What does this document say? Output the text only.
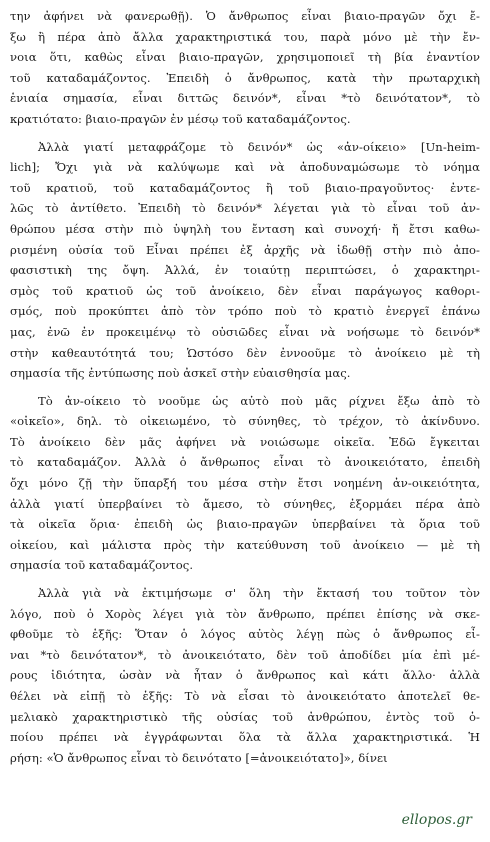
την ἀφήνει νὰ φανερωθῇ). Ὁ ἄνθρωπος εἶναι βιαιο-πραγῶν ὄχι ἔ-
ξω ἢ πέρα ἀπὸ ἄλλα χαρακτηριστικά του, παρὰ μόνο μὲ τὴν ἔν-
νοια ὅτι, καθὼς εἶναι βιαιο-πραγῶν, χρησιμοποιεῖ τὴ βία ἐναντίον
τοῦ καταδαμάζοντος. Ἐπειδὴ ὁ ἄνθρωπος, κατὰ τὴν πρωταρχικὴ
ἑνιαία σημασία, εἶναι διττῶς δεινόν*, εἶναι *τὸ δεινότατον*, τὸ
κρατιότατο: βιαιο-πραγῶν ἐν μέσῳ τοῦ καταδαμάζοντος.
Ἀλλὰ γιατί μεταφράζομε τὸ δεινόν* ὡς «ἀν-οίκειο» [Un-heim-
lich]; Ὄχι γιὰ νὰ καλύψωμε καὶ νὰ ἀποδυναμώσωμε τὸ νόημα
τοῦ κρατιοῦ, τοῦ καταδαμάζοντος ἢ τοῦ βιαιο-πραγοῦντος· ἐντε-
λῶς τὸ ἀντίθετο. Ἐπειδὴ τὸ δεινόν* λέγεται γιὰ τὸ εἶναι τοῦ ἀν-
θρώπου μέσα στὴν πιὸ ὑψηλὴ του ἔνταση καὶ συνοχή· ἤ ἔτσι καθω-
ρισμένη οὐσία τοῦ Εἶναι πρέπει ἐξ ἀρχῆς νὰ ἰδωθῇ στὴν πιὸ ἀπο-
φασιστικὴ της ὄψη. Ἀλλά, ἐν τοιαύτῃ περιπτώσει, ὁ χαρακτηρι-
σμὸς τοῦ κρατιοῦ ὡς τοῦ ἀνοίκειο, δὲν εἶναι παράγωγος καθορι-
σμός, ποὺ προκύπτει ἀπὸ τὸν τρόπο ποὺ τὸ κρατιὸ ἐνεργεῖ ἐπάνω
μας, ἐνῶ ἐν προκειμένῳ τὸ οὐσιῶδες εἶναι νὰ νοήσωμε τὸ δεινόν*
στὴν καθεαυτότητά του; Ὡστόσο δὲν ἐννοοῦμε τὸ ἀνοίκειο μὲ τὴ
σημασία τῆς ἐντύπωσης ποὺ ἀσκεῖ στὴν εὐαισθησία μας.
Τὸ ἀν-οίκειο τὸ νοοῦμε ὡς αὐτὸ ποὺ μᾶς ρίχνει ἔξω ἀπὸ τὸ
«οἰκεῖο», δηλ. τὸ οἰκειωμένο, τὸ σύνηθες, τὸ τρέχον, τὸ ἀκίνδυνο.
Τὸ ἀνοίκειο δὲν μᾶς ἀφήνει νὰ νοιώσωμε οἰκεῖα. Ἐδῶ ἔγκειται
τὸ καταδαμάζον. Ἀλλὰ ὁ ἄνθρωπος εἶναι τὸ ἀνοικειότατο, ἐπειδὴ
ὄχι μόνο ζῇ τὴν ὕπαρξή του μέσα στὴν ἔτσι νοημένη ἀν-οικειότητα,
ἀλλὰ γιατί ὑπερβαίνει τὸ ἄμεσο, τὸ σύνηθες, ἐξορμάει πέρα ἀπὸ
τὰ οἰκεῖα ὅρια· ἐπειδὴ ὡς βιαιο-πραγῶν ὑπερβαίνει τὰ ὅρια τοῦ
οἰκείου, καὶ μάλιστα πρὸς τὴν κατεύθυνση τοῦ ἀνοίκειο — μὲ τὴ
σημασία τοῦ καταδαμάζοντος.
Ἀλλὰ γιὰ νὰ ἐκτιμήσωμε σ' ὅλη τὴν ἔκτασή του τοῦτον τὸν
λόγο, ποὺ ὁ Χορὸς λέγει γιὰ τὸν ἄνθρωπο, πρέπει ἐπίσης νὰ σκε-
φθοῦμε τὸ ἑξῆς: Ὅταν ὁ λόγος αὐτὸς λέγῃ πὼς ὁ ἄνθρωπος εἶ-
ναι *τὸ δεινότατον*, τὸ ἀνοικειότατο, δὲν τοῦ ἀποδίδει μία ἐπὶ μέ-
ρους ἰδιότητα, ὡσὰν νὰ ἦταν ὁ ἄνθρωπος καὶ κάτι ἄλλο· ἀλλὰ
θέλει νὰ εἰπῇ τὸ ἑξῆς: Τὸ νὰ εἶσαι τὸ ἀνοικειότατο ἀποτελεῖ θε-
μελιακὸ χαρακτηριστικὸ τῆς οὐσίας τοῦ ἀνθρώπου, ἐντὸς τοῦ ὁ-
ποίου πρέπει νὰ ἐγγράφωνται ὅλα τὰ ἄλλα χαρακτηριστικά. Ἡ
ρήση: «Ὁ ἄνθρωπος εἶναι τὸ δεινότατο [=ἀνοικειότατο]», δίνει
ellopos.gr
